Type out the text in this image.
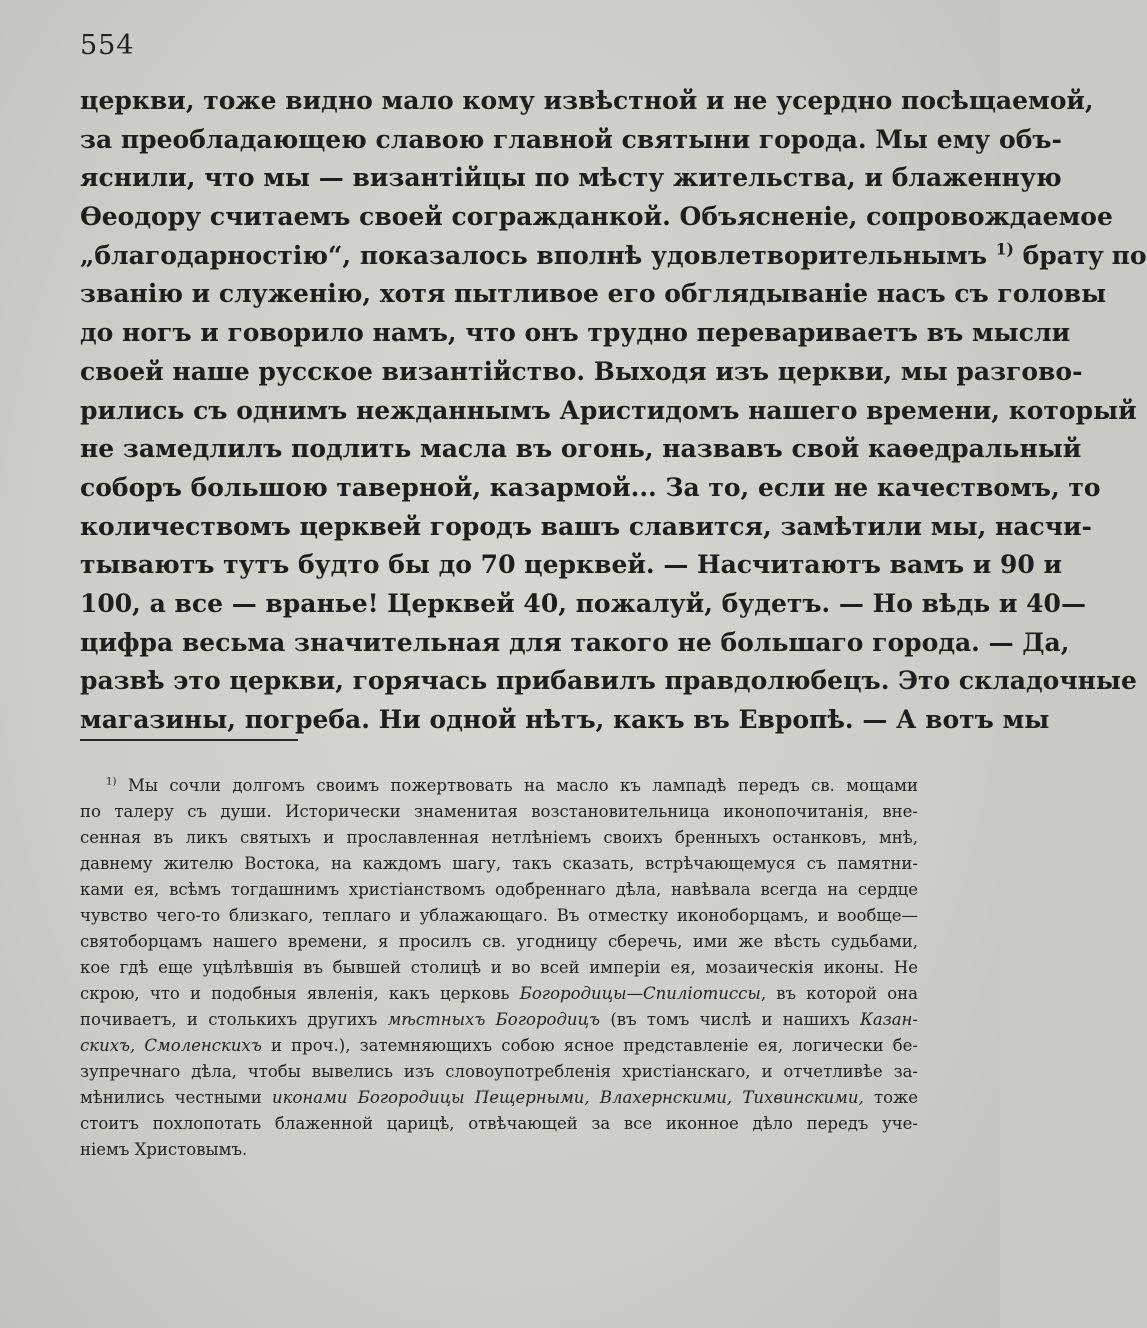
554
церкви, тоже видно мало кому извѣстной и не усердно посѣщаемой,
за преобладающею славою главной святыни города. Мы ему объ-
яснили, что мы — византійцы по мѣсту жительства, и блаженную
Өеодору считаемъ своей согражданкой. Объясненіе, сопровождаемое
„благодарностію“, показалось вполнѣ удовлетворительнымъ $^{1)}$ братy по
званію и служенію, хотя пытливое его обглядываніе насъ съ головы
до ногъ и говорило намъ, что онъ трудно перевариваетъ въ мысли
своей наше русское византійство. Выходя изъ церкви, мы разгово-
рились съ однимъ нежданнымъ Аристидомъ нашего времени, который
не замедлилъ подлить масла въ огонь, назвавъ свой каѳедральный
соборъ большою таверной, казармой... За то, если не качествомъ, то
количествомъ церквей городъ вашъ славится, замѣтили мы, насчи-
тываютъ тутъ будто бы до 70 церквей. — Насчитаютъ вамъ и 90 и
100, а все — вранье! Церквей 40, пожалуй, будетъ. — Но вѣдь и 40—
цифра весьма значительная для такого не большаго города. — Да,
развѣ это церкви, горячась прибавилъ правдолюбецъ. Это складочные
магазины, погреба. Ни одной нѣтъ, какъ въ Европѣ. — А вотъ мы
$^{1)}$ Мы сочли долгомъ своимъ пожертвовать на масло къ лампадѣ передъ св. мощами
по талеру съ души. Исторически знаменитая возстановительница иконопочитанія, вне-
сенная въ ликъ святыхъ и прославленная нетлѣніемъ своихъ бренныхъ останковъ, мнѣ,
давнему жителю Востока, на каждомъ шагу, такъ сказать, встрѣчающемуся съ памятни-
ками ея, всѣмъ тогдашнимъ христіанствомъ одобреннаго дѣла, навѣвала всегда на сердце
чувство чего-то близкаго, теплаго и ублажающаго. Въ отместку иконоборцамъ, и вообще—
святоборцамъ нашего времени, я просилъ св. угодницу сберечь, ими же вѣсть судьбами,
кое гдѣ еще уцѣлѣвшія въ бывшей столицѣ и во всей имперіи ея, мозаическія иконы. Не
скрою, что и подобныя явленія, какъ церковь Богородицы—Спиліотиссы, въ которой она
почиваетъ, и столькихъ другихъ мѣстныхъ Богородицъ (въ томъ числѣ и нашихъ Казан-
скихъ, Смоленскихъ и проч.), затемняющихъ собою ясное представленіе ея, логически бе-
зупречнаго дѣла, чтобы вывелись изъ словоупотребленія христіанскаго, и отчетливѣе за-
мѣнились честными иконами Богородицы Пещерными, Влахернскими, Тихвинскими, тоже
стоитъ похлопотать блаженной царицѣ, отвѣчающей за все иконное дѣло передъ уче-
ніемъ Христовымъ.
